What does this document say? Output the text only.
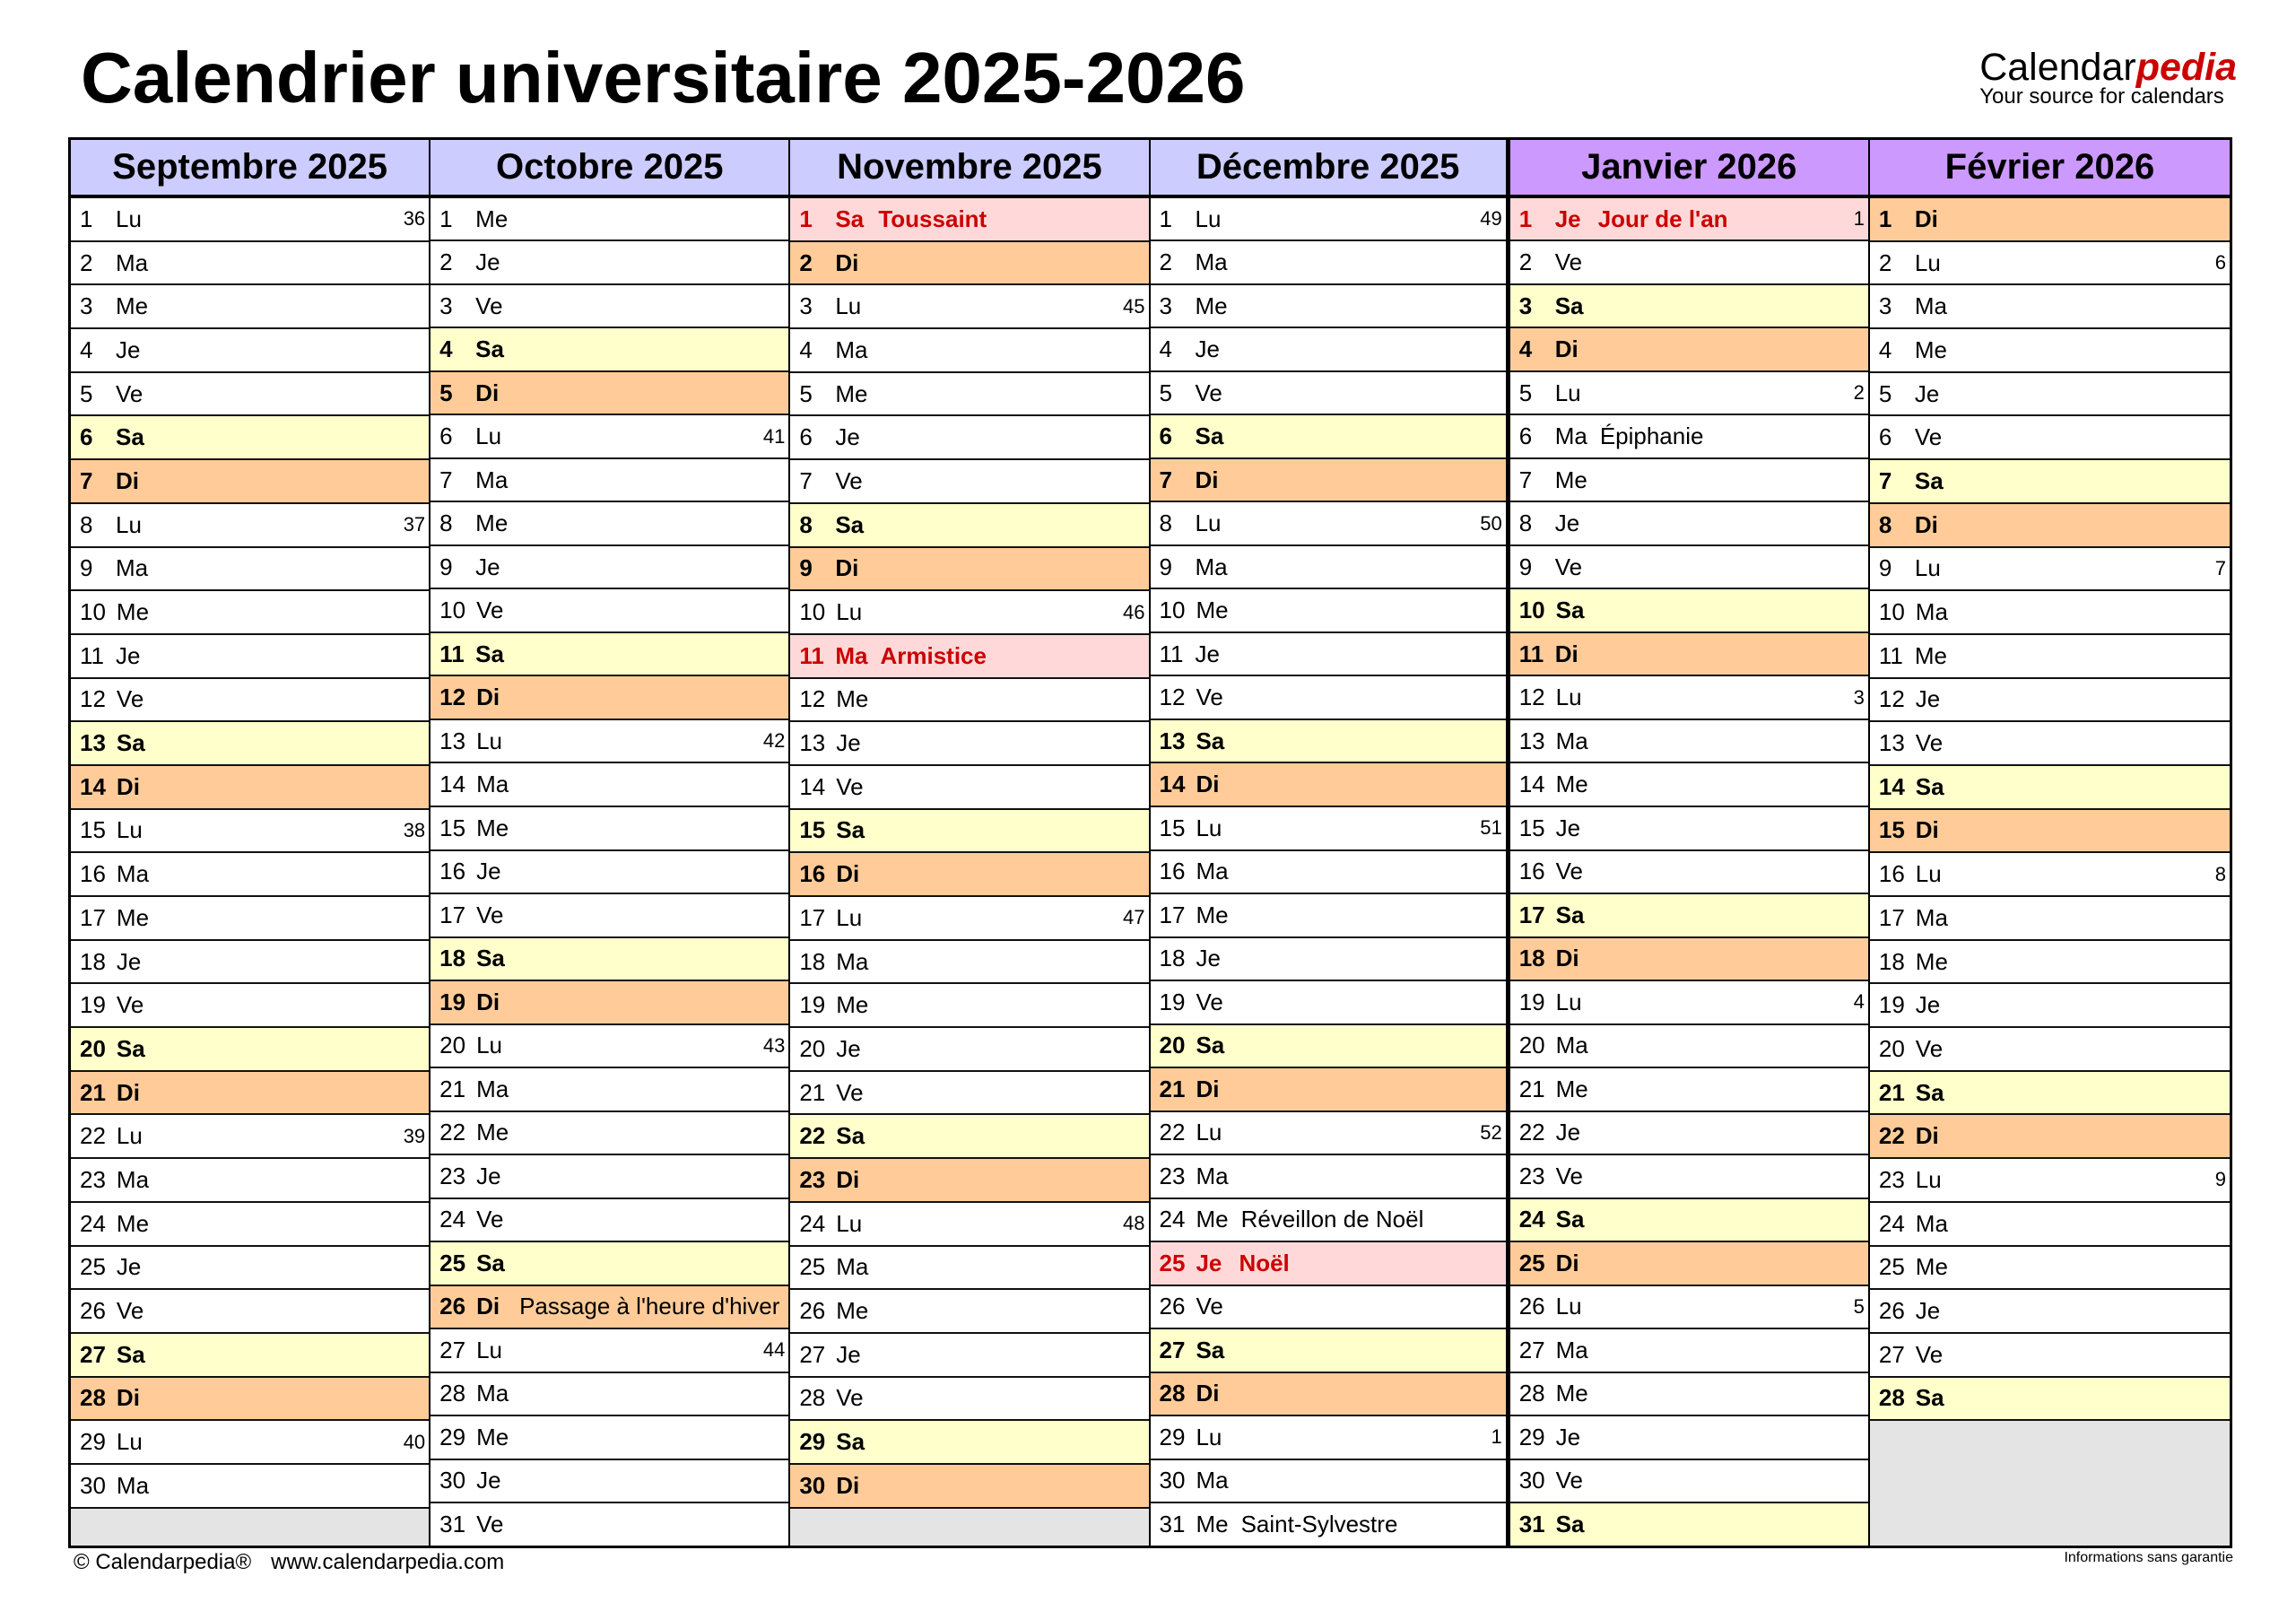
Calendrier universitaire 2025-2026	Calendarpedia
Your source for calendars
Septembre 2025
1 Lu	36
2 Ma
3 Me
4 Je
5 Ve
6 Sa
7 Di
8 Lu	37
9 Ma
10 Me
11 Je
12 Ve
13 Sa
14 Di
15 Lu	38
16 Ma
17 Me
18 Je
19 Ve
20 Sa
21 Di
22 Lu	39
23 Ma
24 Me
25 Je
26 Ve
27 Sa
28 Di
29 Lu	40
30 Ma
Octobre 2025
1 Me
2 Je
3 Ve
4 Sa
5 Di
6 Lu	41
7 Ma
8 Me
9 Je
10 Ve
11 Sa
12 Di
13 Lu	42
14 Ma
15 Me
16 Je
17 Ve
18 Sa
19 Di
20 Lu	43
21 Ma
22 Me
23 Je
24 Ve
25 Sa
26 Di Passage à l'heure d'hiver
27 Lu	44
28 Ma
29 Me
30 Je
31 Ve
Novembre 2025
1 Sa Toussaint
2 Di
3 Lu	45
4 Ma
5 Me
6 Je
7 Ve
8 Sa
9 Di
10 Lu	46
11 Ma Armistice
12 Me
13 Je
14 Ve
15 Sa
16 Di
17 Lu	47
18 Ma
19 Me
20 Je
21 Ve
22 Sa
23 Di
24 Lu	48
25 Ma
26 Me
27 Je
28 Ve
29 Sa
30 Di
Décembre 2025
1 Lu	49
2 Ma
3 Me
4 Je
5 Ve
6 Sa
7 Di
8 Lu	50
9 Ma
10 Me
11 Je
12 Ve
13 Sa
14 Di
15 Lu	51
16 Ma
17 Me
18 Je
19 Ve
20 Sa
21 Di
22 Lu	52
23 Ma
24 Me Réveillon de Noël
25 Je Noël
26 Ve
27 Sa
28 Di
29 Lu	1
30 Ma
31 Me Saint-Sylvestre
Janvier 2026
1 Je Jour de l'an	1
2 Ve
3 Sa
4 Di
5 Lu	2
6 Ma Épiphanie
7 Me
8 Je
9 Ve
10 Sa
11 Di
12 Lu	3
13 Ma
14 Me
15 Je
16 Ve
17 Sa
18 Di
19 Lu	4
20 Ma
21 Me
22 Je
23 Ve
24 Sa
25 Di
26 Lu	5
27 Ma
28 Me
29 Je
30 Ve
31 Sa
Février 2026
1 Di
2 Lu	6
3 Ma
4 Me
5 Je
6 Ve
7 Sa
8 Di
9 Lu	7
10 Ma
11 Me
12 Je
13 Ve
14 Sa
15 Di
16 Lu	8
17 Ma
18 Me
19 Je
20 Ve
21 Sa
22 Di
23 Lu	9
24 Ma
25 Me
26 Je
27 Ve
28 Sa
© Calendarpedia® www.calendarpedia.com	Informations sans garantie
